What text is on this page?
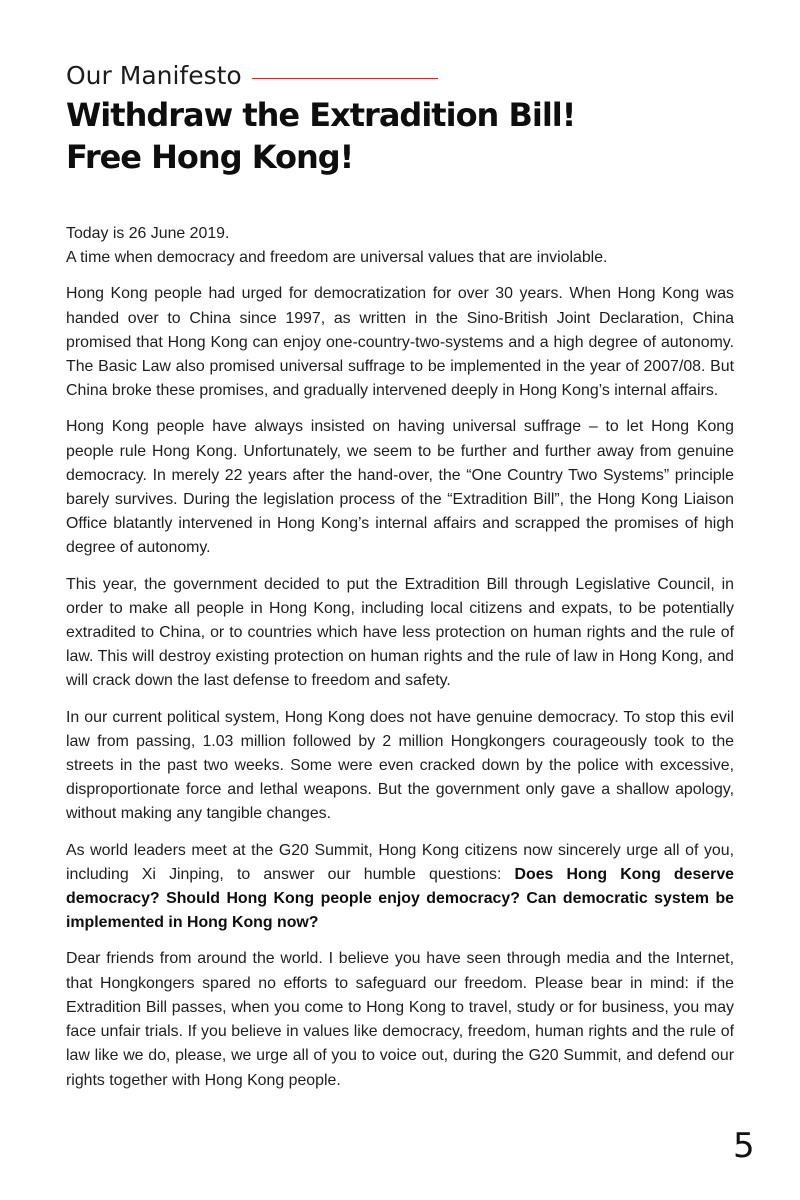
Our Manifesto
Withdraw the Extradition Bill!
Free Hong Kong!

Today is 26 June 2019.
A time when democracy and freedom are universal values that are inviolable.

Hong Kong people had urged for democratization for over 30 years. When Hong Kong was handed over to China since 1997, as written in the Sino-British Joint Declaration, China promised that Hong Kong can enjoy one-country-two-systems and a high degree of autonomy. The Basic Law also promised universal suffrage to be implemented in the year of 2007/08. But China broke these promises, and gradually intervened deeply in Hong Kong’s internal affairs.

Hong Kong people have always insisted on having universal suffrage – to let Hong Kong people rule Hong Kong. Unfortunately, we seem to be further and further away from genuine democracy. In merely 22 years after the hand-over, the “One Country Two Systems” principle barely survives. During the legislation process of the “Extradition Bill”, the Hong Kong Liaison Office blatantly intervened in Hong Kong’s internal affairs and scrapped the promises of high degree of autonomy.

This year, the government decided to put the Extradition Bill through Legislative Council, in order to make all people in Hong Kong, including local citizens and expats, to be potentially extradited to China, or to countries which have less protection on human rights and the rule of law. This will destroy existing protection on human rights and the rule of law in Hong Kong, and will crack down the last defense to freedom and safety.

In our current political system, Hong Kong does not have genuine democracy. To stop this evil law from passing, 1.03 million followed by 2 million Hongkongers courageously took to the streets in the past two weeks. Some were even cracked down by the police with excessive, disproportionate force and lethal weapons. But the government only gave a shallow apology, without making any tangible changes.

As world leaders meet at the G20 Summit, Hong Kong citizens now sincerely urge all of you, including Xi Jinping, to answer our humble questions: Does Hong Kong deserve democracy? Should Hong Kong people enjoy democracy? Can democratic system be implemented in Hong Kong now?

Dear friends from around the world. I believe you have seen through media and the Internet, that Hongkongers spared no efforts to safeguard our freedom. Please bear in mind: if the Extradition Bill passes, when you come to Hong Kong to travel, study or for business, you may face unfair trials. If you believe in values like democracy, freedom, human rights and the rule of law like we do, please, we urge all of you to voice out, during the G20 Summit, and defend our rights together with Hong Kong people.

5
